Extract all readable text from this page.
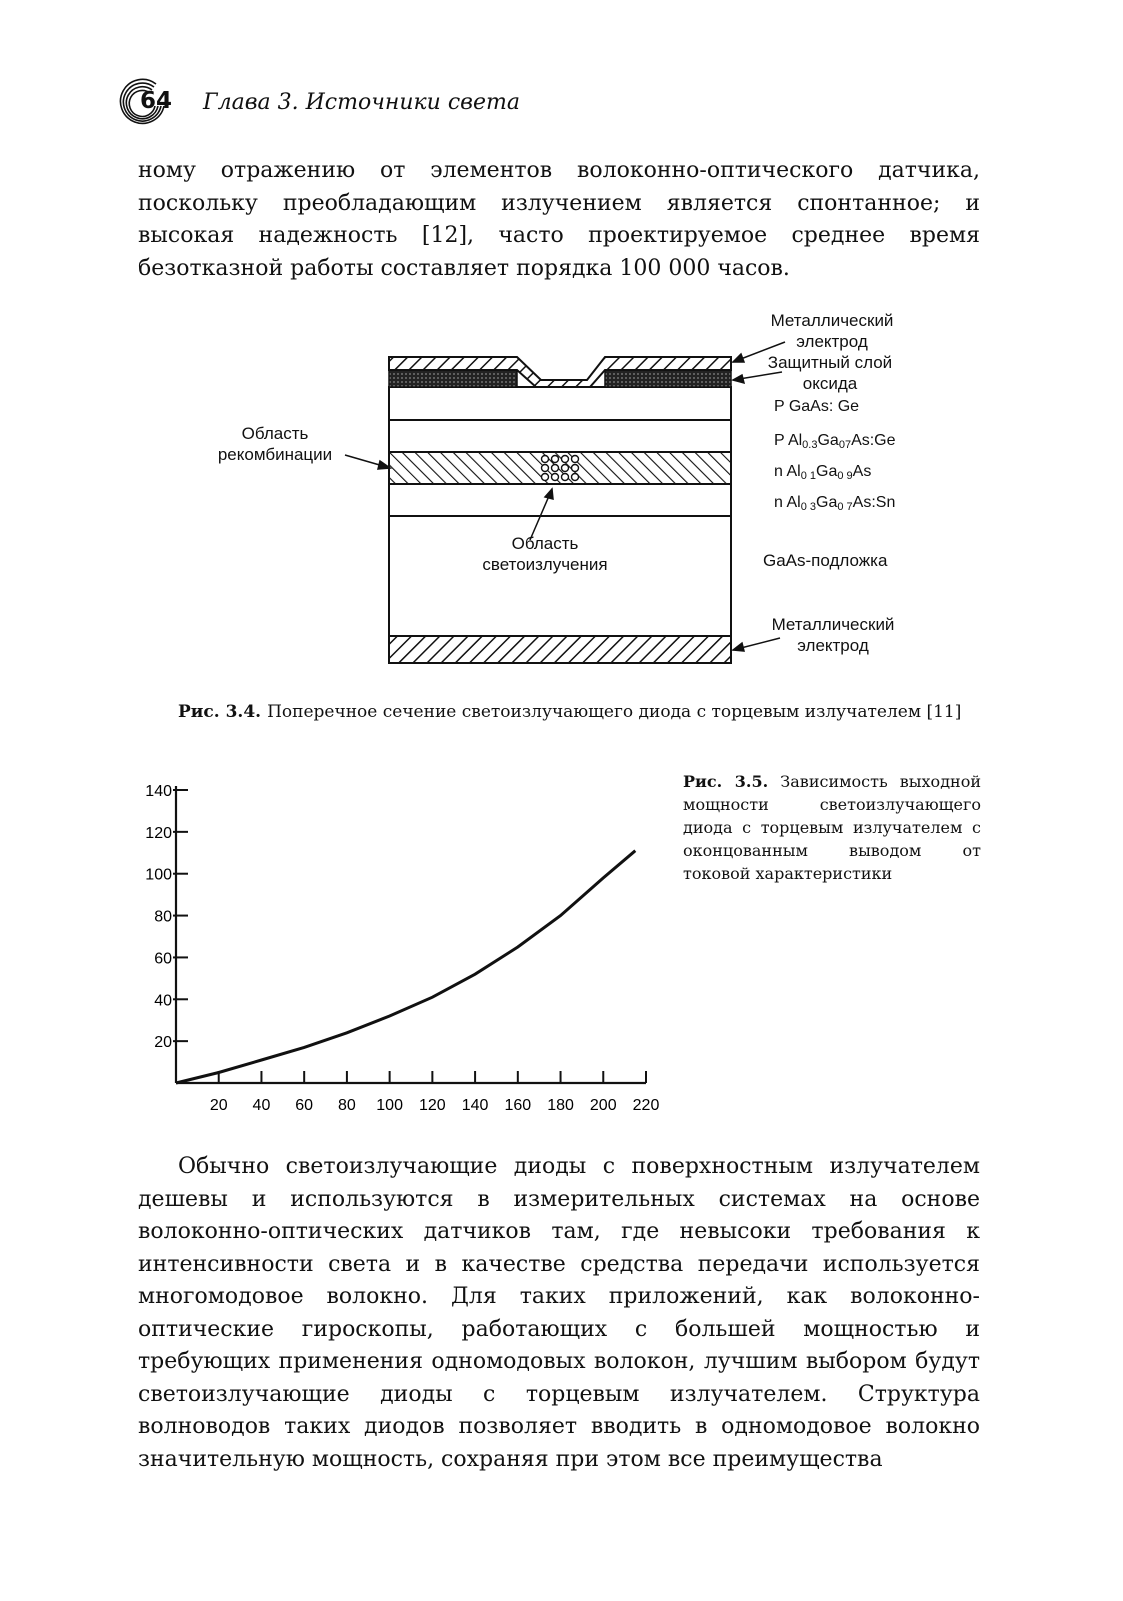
64 Глава 3. Источники света
ному отражению от элементов волоконно-оптического датчика, поскольку преобладающим излучением является спонтанное; и высокая надежность [12], часто проектируемое среднее время безотказной работы составляет порядка 100 000 часов.
Металлический электрод
Защитный слой оксида
Область рекомбинации
Область светоизлучения	GaAs-подложка
Металлический электрод
P GaAs: Ge
P $Al_{0.3}Ga_{07}As:Ge$
n $Al_0$ $_1Ga_0$ $_9$As
n $Al_0$ $_3Ga_0$ $_7$As:Sn
Рис. 3.4. Поперечное сечение светоизлучающего диода с торцевым излучателем [11]
140
120
100
80
60
40
20
20 40 60 80 100 120 140 160 180 200 220
Рис. 3.5. Зависимость выходной мощности светоизлучающего диода с торцевым излучателем с оконцованным выводом от токовой характеристики
Обычно светоизлучающие диоды с поверхностным излучателем дешевы и используются в измерительных системах на основе волоконно-оптических датчиков там, где невысоки требования к интенсивности света и в качестве средства передачи используется многомодовое волокно. Для таких приложений, как волоконно-оптические гироскопы, работающих с большей мощностью и требующих применения одномодовых волокон, лучшим выбором будут светоизлучающие диоды с торцевым излучателем. Структура волноводов таких диодов позволяет вводить в одномодовое волокно значительную мощность, сохраняя при этом все преимущества
